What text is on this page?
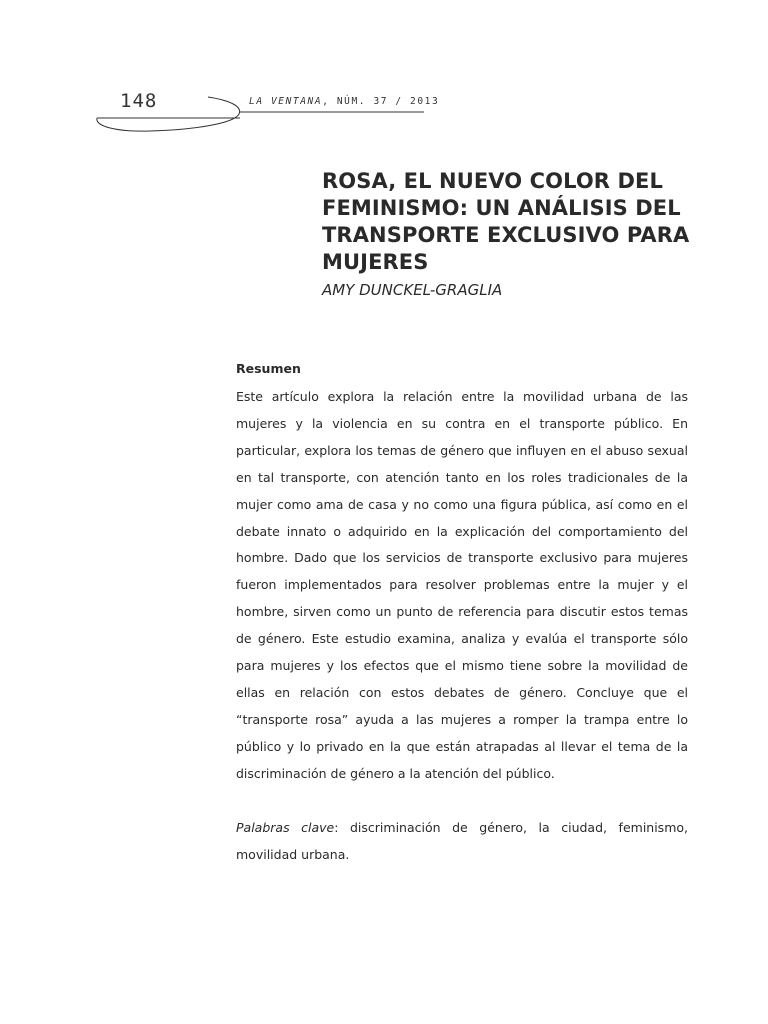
148	LA VENTANA, NÚM. 37 / 2013
ROSA, EL NUEVO COLOR DEL FEMINISMO: UN ANÁLISIS DEL TRANSPORTE EXCLUSIVO PARA MUJERES
AMY DUNCKEL-GRAGLIA
Resumen

Este artículo explora la relación entre la movilidad urbana de las mujeres y la violencia en su contra en el transporte público. En particular, explora los temas de género que influyen en el abuso sexual en tal transporte, con atención tanto en los roles tradicionales de la mujer como ama de casa y no como una figura pública, así como en el debate innato o adquirido en la explicación del comportamiento del hombre. Dado que los servicios de transporte exclusivo para mujeres fueron implementados para resolver problemas entre la mujer y el hombre, sirven como un punto de referencia para discutir estos temas de género. Este estudio examina, analiza y evalúa el transporte sólo para mujeres y los efectos que el mismo tiene sobre la movilidad de ellas en relación con estos debates de género. Concluye que el “transporte rosa” ayuda a las mujeres a romper la trampa entre lo público y lo privado en la que están atrapadas al llevar el tema de la discriminación de género a la atención del público.

Palabras clave: discriminación de género, la ciudad, feminismo, movilidad urbana.
